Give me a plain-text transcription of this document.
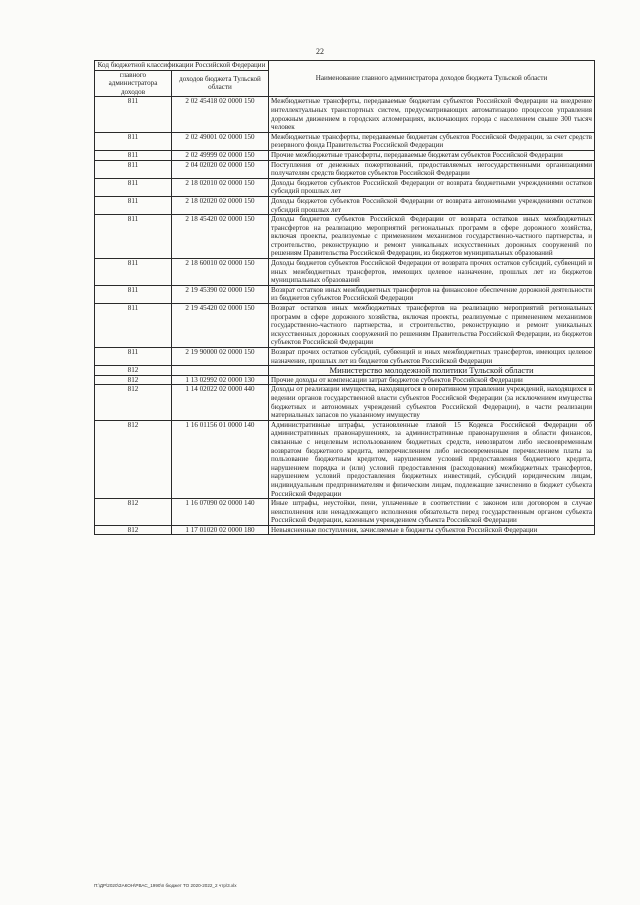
22
Код бюджетной классификации Российской Федерации		Наименование главного администратора доходов бюджета Тульской области
главного администратора доходов	доходов бюджета Тульской области	
811	2 02 45418 02 0000 150	Межбюджетные трансферты, передаваемые бюджетам субъектов Российской Федерации на внедрение интеллектуальных транспортных систем, предусматривающих автоматизацию процессов управления дорожным движением в городских агломерациях, включающих города с населением свыше 300 тысяч человек
811	2 02 49001 02 0000 150	Межбюджетные трансферты, передаваемые бюджетам субъектов Российской Федерации, за счет средств резервного фонда Правительства Российской Федерации
811	2 02 49999 02 0000 150	Прочие межбюджетные трансферты, передаваемые бюджетам субъектов Российской Федерации
811	2 04 02020 02 0000 150	Поступления от денежных пожертвований, предоставляемых негосударственными организациями получателям средств бюджетов субъектов Российской Федерации
811	2 18 02010 02 0000 150	Доходы бюджетов субъектов Российской Федерации от возврата бюджетными учреждениями остатков субсидий прошлых лет
811	2 18 02020 02 0000 150	Доходы бюджетов субъектов Российской Федерации от возврата автономными учреждениями остатков субсидий прошлых лет
811	2 18 45420 02 0000 150	Доходы бюджетов субъектов Российской Федерации от возврата остатков иных межбюджетных трансфертов на реализацию мероприятий региональных программ в сфере дорожного хозяйства, включая проекты, реализуемые с применением механизмов государственно-частного партнерства, и строительство, реконструкцию и ремонт уникальных искусственных дорожных сооружений по решениям Правительства Российской Федерации, из бюджетов муниципальных образований
811	2 18 60010 02 0000 150	Доходы бюджетов субъектов Российской Федерации от возврата прочих остатков субсидий, субвенций и иных межбюджетных трансфертов, имеющих целевое назначение, прошлых лет из бюджетов муниципальных образований
811	2 19 45390 02 0000 150	Возврат остатков иных межбюджетных трансфертов на финансовое обеспечение дорожной деятельности из бюджетов субъектов Российской Федерации
811	2 19 45420 02 0000 150	Возврат остатков иных межбюджетных трансфертов на реализацию мероприятий региональных программ в сфере дорожного хозяйства, включая проекты, реализуемые с применением механизмов государственно-частного партнерства, и строительство, реконструкцию и ремонт уникальных искусственных дорожных сооружений по решениям Правительства Российской Федерации, из бюджетов субъектов Российской Федерации
811	2 19 90000 02 0000 150	Возврат прочих остатков субсидий, субвенций и иных межбюджетных трансфертов, имеющих целевое назначение, прошлых лет из бюджетов субъектов Российской Федерации
812		Министерство молодежной политики Тульской области
812	1 13 02992 02 0000 130	Прочие доходы от компенсации затрат бюджетов субъектов Российской Федерации
812	1 14 02022 02 0000 440	Доходы от реализации имущества, находящегося в оперативном управлении учреждений, находящихся в ведении органов государственной власти субъектов Российской Федерации (за исключением имущества бюджетных и автономных учреждений субъектов Российской Федерации), в части реализации материальных запасов по указанному имуществу
812	1 16 01156 01 0000 140	Административные штрафы, установленные главой 15 Кодекса Российской Федерации об административных правонарушениях, за административные правонарушения в области финансов, связанные с нецелевым использованием бюджетных средств, невозвратом либо несвоевременным возвратом бюджетного кредита, неперечислением либо несвоевременным перечислением платы за пользование бюджетным кредитом, нарушением условий предоставления бюджетного кредита, нарушением порядка и (или) условий предоставления (расходования) межбюджетных трансфертов, нарушением условий предоставления бюджетных инвестиций, субсидий юридическим лицам, индивидуальным предпринимателям и физическим лицам, подлежащие зачислению в бюджет субъекта Российской Федерации
812	1 16 07090 02 0000 140	Иные штрафы, неустойки, пени, уплаченные в соответствии с законом или договором в случае неисполнения или ненадлежащего исполнения обязательств перед государственным органом субъекта Российской Федерации, казенным учреждением субъекта Российской Федерации
812	1 17 01020 02 0000 180	Невыясненные поступления, зачисляемые в бюджеты субъектов Российской Федерации
П:\ДР\2020\ЗАКОН\РВАС_1990\п бюджет ТО 2020-2022_2 чтр\3.xlx
